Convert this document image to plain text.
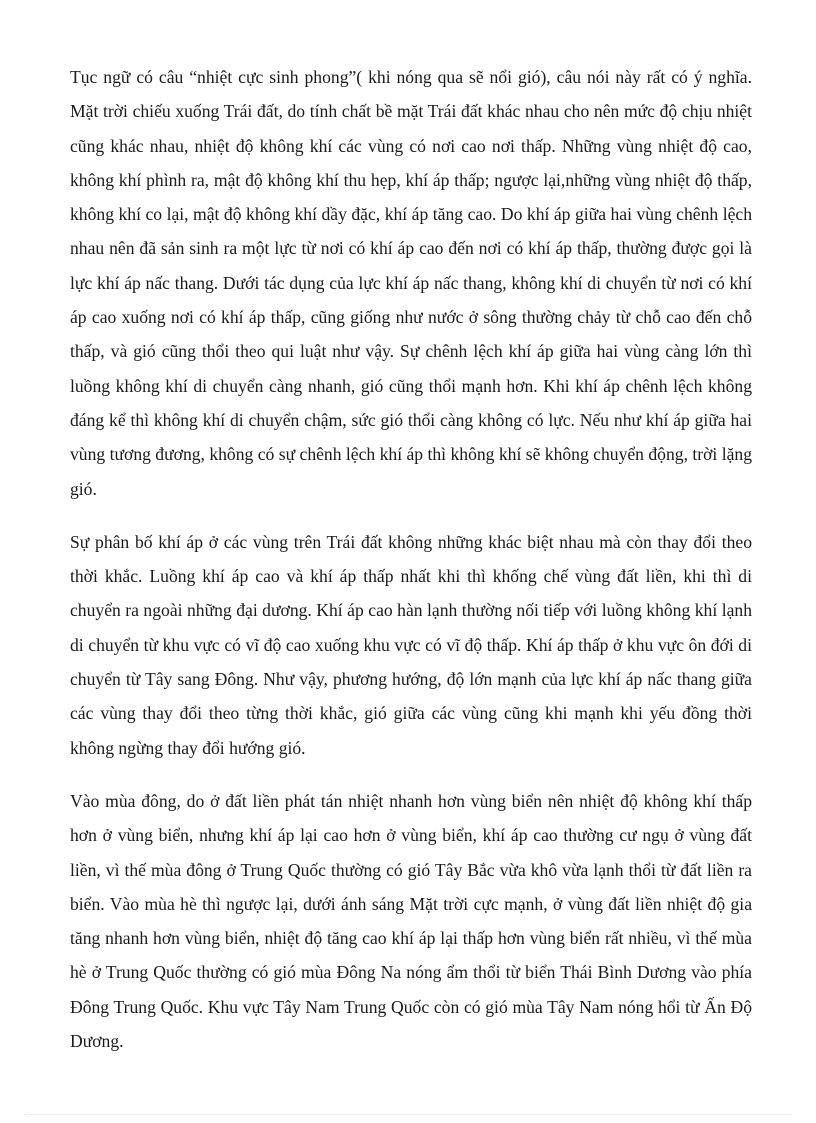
Tục ngữ có câu “nhiệt cực sinh phong”( khi nóng qua sẽ nổi gió), câu nói này rất có ý nghĩa. Mặt trời chiếu xuống Trái đất, do tính chất bề mặt Trái đất khác nhau cho nên mức độ chịu nhiệt cũng khác nhau, nhiệt độ không khí các vùng có nơi cao nơi thấp. Những vùng nhiệt độ cao, không khí phình ra, mật độ không khí thu hẹp, khí áp thấp; ngược lại,những vùng nhiệt độ thấp, không khí co lại, mật độ không khí dầy đặc, khí áp tăng cao. Do khí áp giữa hai vùng chênh lệch nhau nên đã sản sinh ra một lực từ nơi có khí áp cao đến nơi có khí áp thấp, thường được gọi là lực khí áp nấc thang. Dưới tác dụng của lực khí áp nấc thang, không khí di chuyển từ nơi có khí áp cao xuống nơi có khí áp thấp, cũng giống như nước ở sông thường chảy từ chỗ cao đến chỗ thấp, và gió cũng thổi theo qui luật như vậy. Sự chênh lệch khí áp giữa hai vùng càng lớn thì luồng không khí di chuyển càng nhanh, gió cũng thổi mạnh hơn. Khi khí áp chênh lệch không đáng kể thì không khí di chuyển chậm, sức gió thổi càng không có lực. Nếu như khí áp giữa hai vùng tương đương, không có sự chênh lệch khí áp thì không khí sẽ không chuyển động, trời lặng gió.

Sự phân bố khí áp ở các vùng trên Trái đất không những khác biệt nhau mà còn thay đổi theo thời khắc. Luồng khí áp cao và khí áp thấp nhất khi thì khống chế vùng đất liền, khi thì di chuyển ra ngoài những đại dương. Khí áp cao hàn lạnh thường nối tiếp với luồng không khí lạnh di chuyển từ khu vực có vĩ độ cao xuống khu vực có vĩ độ thấp. Khí áp thấp ở khu vực ôn đới di chuyển từ Tây sang Đông. Như vậy, phương hướng, độ lớn mạnh của lực khí áp nấc thang giữa các vùng thay đổi theo từng thời khắc, gió giữa các vùng cũng khi mạnh khi yếu đồng thời không ngừng thay đổi hướng gió.

Vào mùa đông, do ở đất liền phát tán nhiệt nhanh hơn vùng biển nên nhiệt độ không khí thấp hơn ở vùng biển, nhưng khí áp lại cao hơn ở vùng biển, khí áp cao thường cư ngụ ở vùng đất liền, vì thế mùa đông ở Trung Quốc thường có gió Tây Bắc vừa khô vừa lạnh thổi từ đất liền ra biển. Vào mùa hè thì ngược lại, dưới ánh sáng Mặt trời cực mạnh, ở vùng đất liền nhiệt độ gia tăng nhanh hơn vùng biển, nhiệt độ tăng cao khí áp lại thấp hơn vùng biển rất nhiều, vì thế mùa hè ở Trung Quốc thường có gió mùa Đông Na nóng ẩm thổi từ biển Thái Bình Dương vào phía Đông Trung Quốc. Khu vực Tây Nam Trung Quốc còn có gió mùa Tây Nam nóng hổi từ Ấn Độ Dương.
